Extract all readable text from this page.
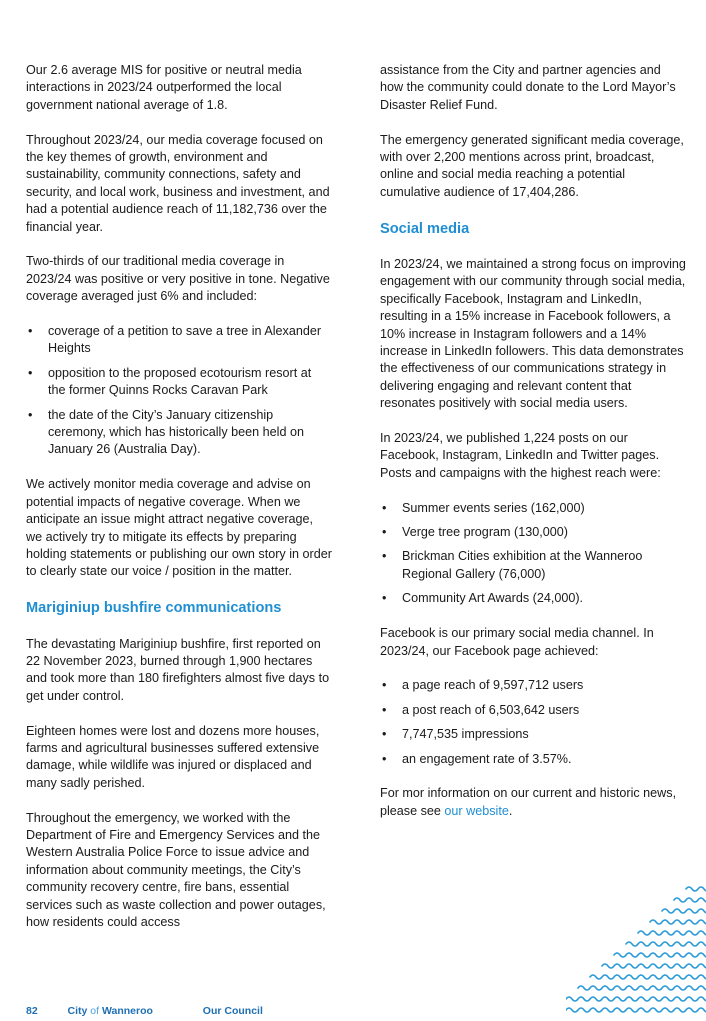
Our 2.6 average MIS for positive or neutral media interactions in 2023/24 outperformed the local government national average of 1.8.

Throughout 2023/24, our media coverage focused on the key themes of growth, environment and sustainability, community connections, safety and security, and local work, business and investment, and had a potential audience reach of 11,182,736 over the financial year.

Two-thirds of our traditional media coverage in 2023/24 was positive or very positive in tone. Negative coverage averaged just 6% and included:

• coverage of a petition to save a tree in Alexander Heights
• opposition to the proposed ecotourism resort at the former Quinns Rocks Caravan Park
• the date of the City’s January citizenship ceremony, which has historically been held on January 26 (Australia Day).

We actively monitor media coverage and advise on potential impacts of negative coverage. When we anticipate an issue might attract negative coverage, we actively try to mitigate its effects by preparing holding statements or publishing our own story in order to clearly state our voice / position in the matter.

Mariginiup bushfire communications

The devastating Mariginiup bushfire, first reported on 22 November 2023, burned through 1,900 hectares and took more than 180 firefighters almost five days to get under control.

Eighteen homes were lost and dozens more houses, farms and agricultural businesses suffered extensive damage, while wildlife was injured or displaced and many sadly perished.

Throughout the emergency, we worked with the Department of Fire and Emergency Services and the Western Australia Police Force to issue advice and information about community meetings, the City’s community recovery centre, fire bans, essential services such as waste collection and power outages, how residents could access

assistance from the City and partner agencies and how the community could donate to the Lord Mayor’s Disaster Relief Fund.

The emergency generated significant media coverage, with over 2,200 mentions across print, broadcast, online and social media reaching a potential cumulative audience of 17,404,286.

Social media

In 2023/24, we maintained a strong focus on improving engagement with our community through social media, specifically Facebook, Instagram and LinkedIn, resulting in a 15% increase in Facebook followers, a 10% increase in Instagram followers and a 14% increase in LinkedIn followers. This data demonstrates the effectiveness of our communications strategy in delivering engaging and relevant content that resonates positively with social media users.

In 2023/24, we published 1,224 posts on our Facebook, Instagram, LinkedIn and Twitter pages. Posts and campaigns with the highest reach were:

• Summer events series (162,000)
• Verge tree program (130,000)
• Brickman Cities exhibition at the Wanneroo Regional Gallery (76,000)
• Community Art Awards (24,000).

Facebook is our primary social media channel. In 2023/24, our Facebook page achieved:

• a page reach of 9,597,712 users
• a post reach of 6,503,642 users
• 7,747,535 impressions
• an engagement rate of 3.57%.

For mor information on our current and historic news, please see our website.

82	City of Wanneroo	Our Council
